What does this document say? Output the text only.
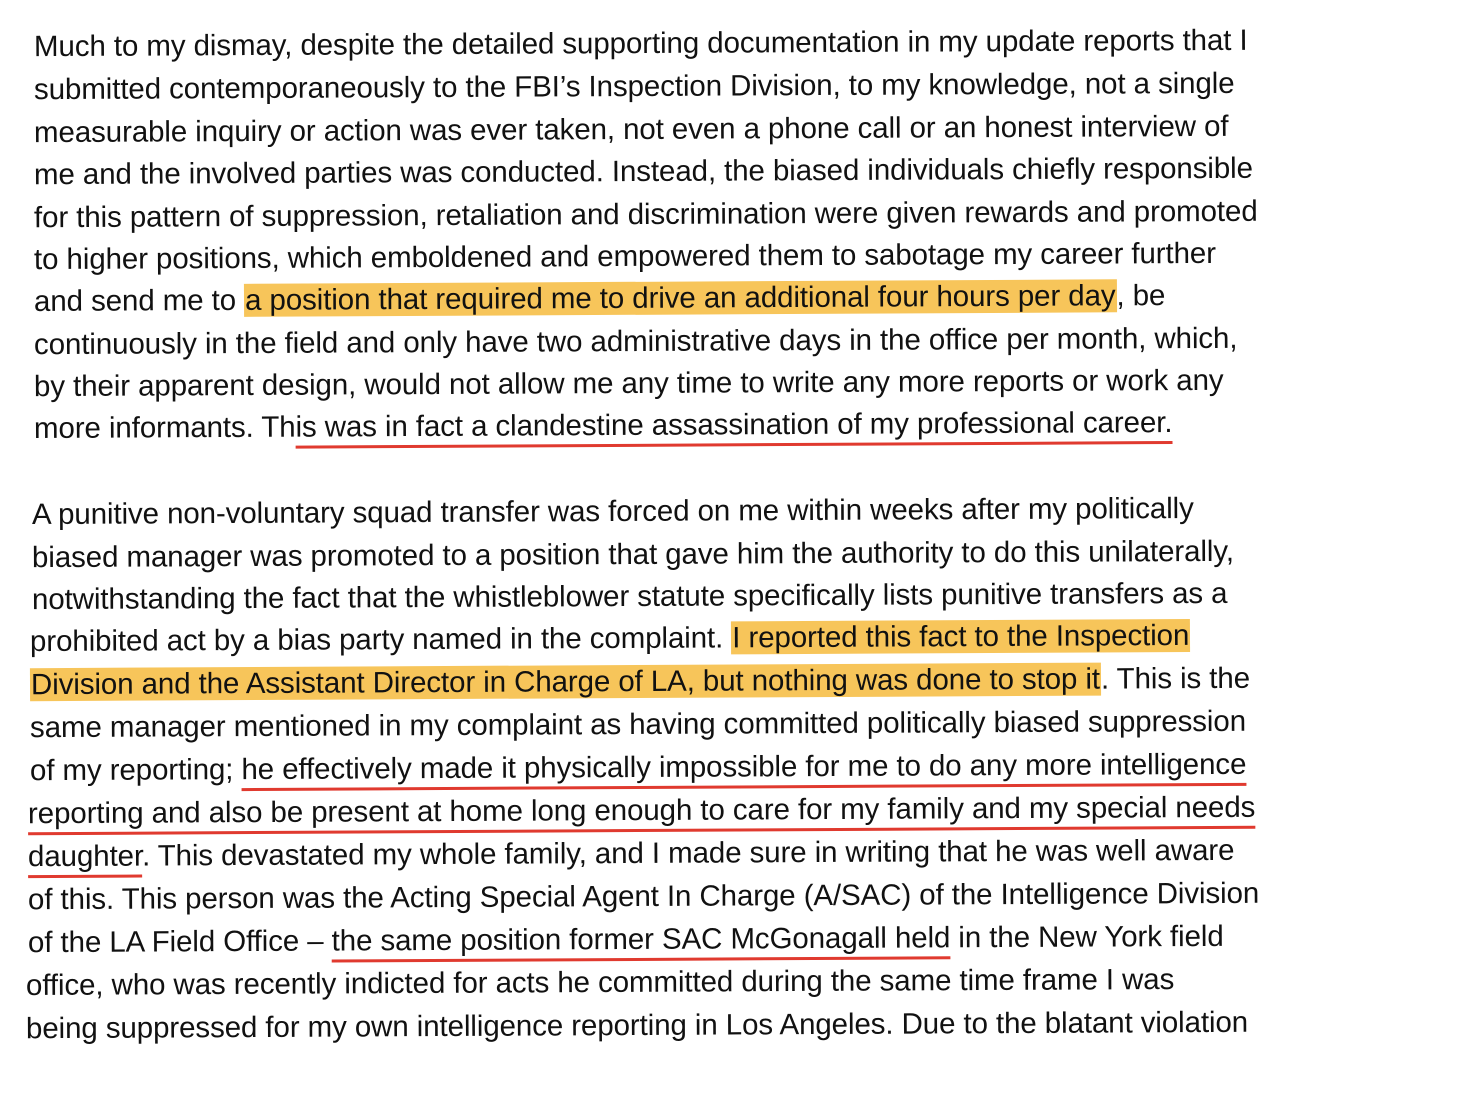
Much to my dismay, despite the detailed supporting documentation in my update reports that I
submitted contemporaneously to the FBI’s Inspection Division, to my knowledge, not a single
measurable inquiry or action was ever taken, not even a phone call or an honest interview of
me and the involved parties was conducted. Instead, the biased individuals chiefly responsible
for this pattern of suppression, retaliation and discrimination were given rewards and promoted
to higher positions, which emboldened and empowered them to sabotage my career further
and send me to a position that required me to drive an additional four hours per day, be
continuously in the field and only have two administrative days in the office per month, which,
by their apparent design, would not allow me any time to write any more reports or work any
more informants. This was in fact a clandestine assassination of my professional career.
A punitive non-voluntary squad transfer was forced on me within weeks after my politically
biased manager was promoted to a position that gave him the authority to do this unilaterally,
notwithstanding the fact that the whistleblower statute specifically lists punitive transfers as a
prohibited act by a bias party named in the complaint. I reported this fact to the Inspection
Division and the Assistant Director in Charge of LA, but nothing was done to stop it. This is the
same manager mentioned in my complaint as having committed politically biased suppression
of my reporting; he effectively made it physically impossible for me to do any more intelligence
reporting and also be present at home long enough to care for my family and my special needs
daughter. This devastated my whole family, and I made sure in writing that he was well aware
of this. This person was the Acting Special Agent In Charge (A/SAC) of the Intelligence Division
of the LA Field Office – the same position former SAC McGonagall held in the New York field
office, who was recently indicted for acts he committed during the same time frame I was
being suppressed for my own intelligence reporting in Los Angeles. Due to the blatant violation
